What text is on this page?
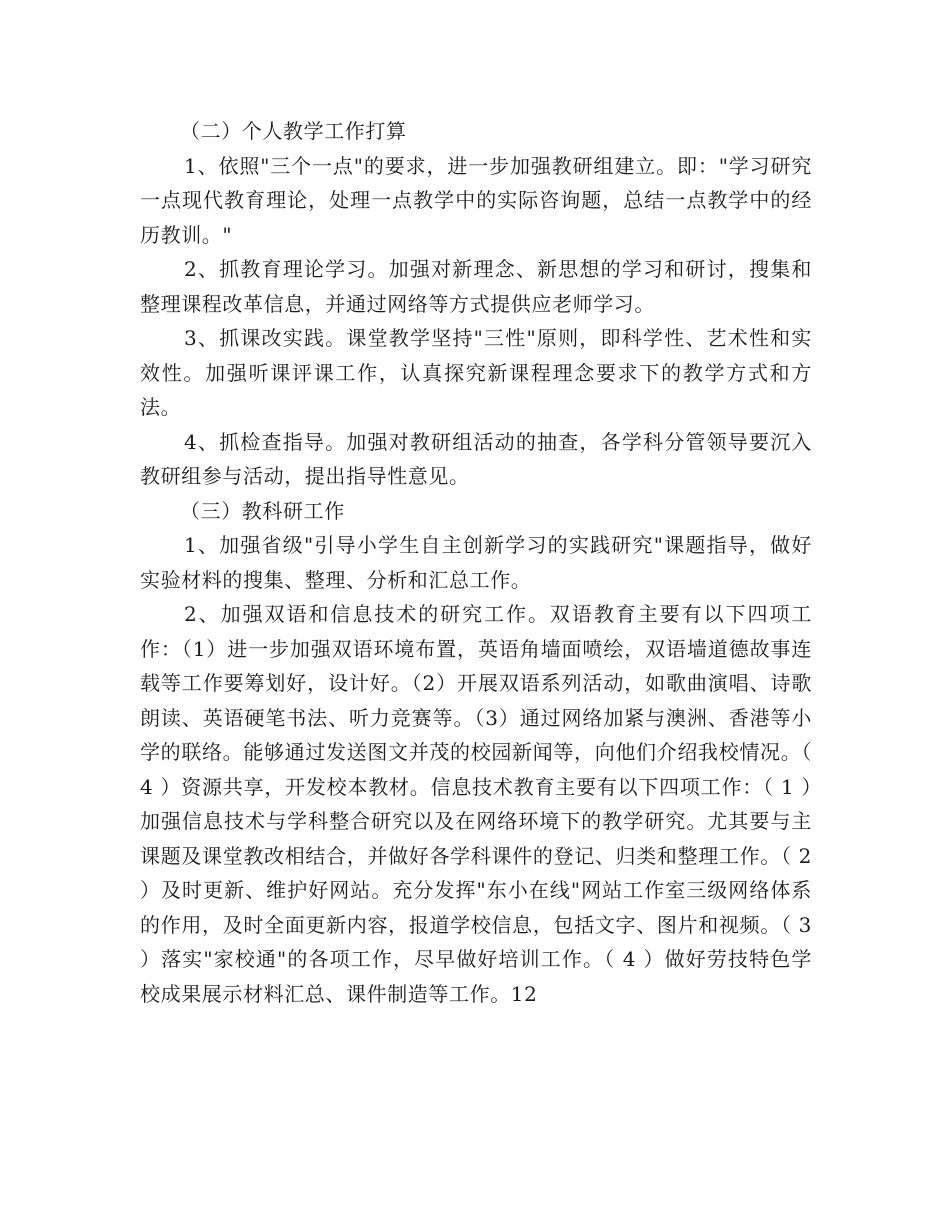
（二）个人教学工作打算

1、依照"三个一点"的要求，进一步加强教研组建立。即："学习研究一点现代教育理论，处理一点教学中的实际咨询题，总结一点教学中的经历教训。"

2、抓教育理论学习。加强对新理念、新思想的学习和研讨，搜集和整理课程改革信息，并通过网络等方式提供应老师学习。

3、抓课改实践。课堂教学坚持"三性"原则，即科学性、艺术性和实效性。加强听课评课工作，认真探究新课程理念要求下的教学方式和方法。

4、抓检查指导。加强对教研组活动的抽查，各学科分管领导要沉入教研组参与活动，提出指导性意见。

（三）教科研工作

1、加强省级"引导小学生自主创新学习的实践研究"课题指导，做好实验材料的搜集、整理、分析和汇总工作。

2、加强双语和信息技术的研究工作。双语教育主要有以下四项工作：（1）进一步加强双语环境布置，英语角墙面喷绘，双语墙道德故事连载等工作要筹划好，设计好。（2）开展双语系列活动，如歌曲演唱、诗歌朗读、英语硬笔书法、听力竞赛等。（3）通过网络加紧与澳洲、香港等小学的联络。能够通过发送图文并茂的校园新闻等，向他们介绍我校情况。（ 4 ）资源共享，开发校本教材。信息技术教育主要有以下四项工作：（ 1 ）加强信息技术与学科整合研究以及在网络环境下的教学研究。尤其要与主课题及课堂教改相结合，并做好各学科课件的登记、归类和整理工作。（ 2 ）及时更新、维护好网站。充分发挥"东小在线"网站工作室三级网络体系的作用，及时全面更新内容，报道学校信息，包括文字、图片和视频。（ 3 ）落实"家校通"的各项工作，尽早做好培训工作。（ 4 ）做好劳技特色学校成果展示材料汇总、课件制造等工作。12
